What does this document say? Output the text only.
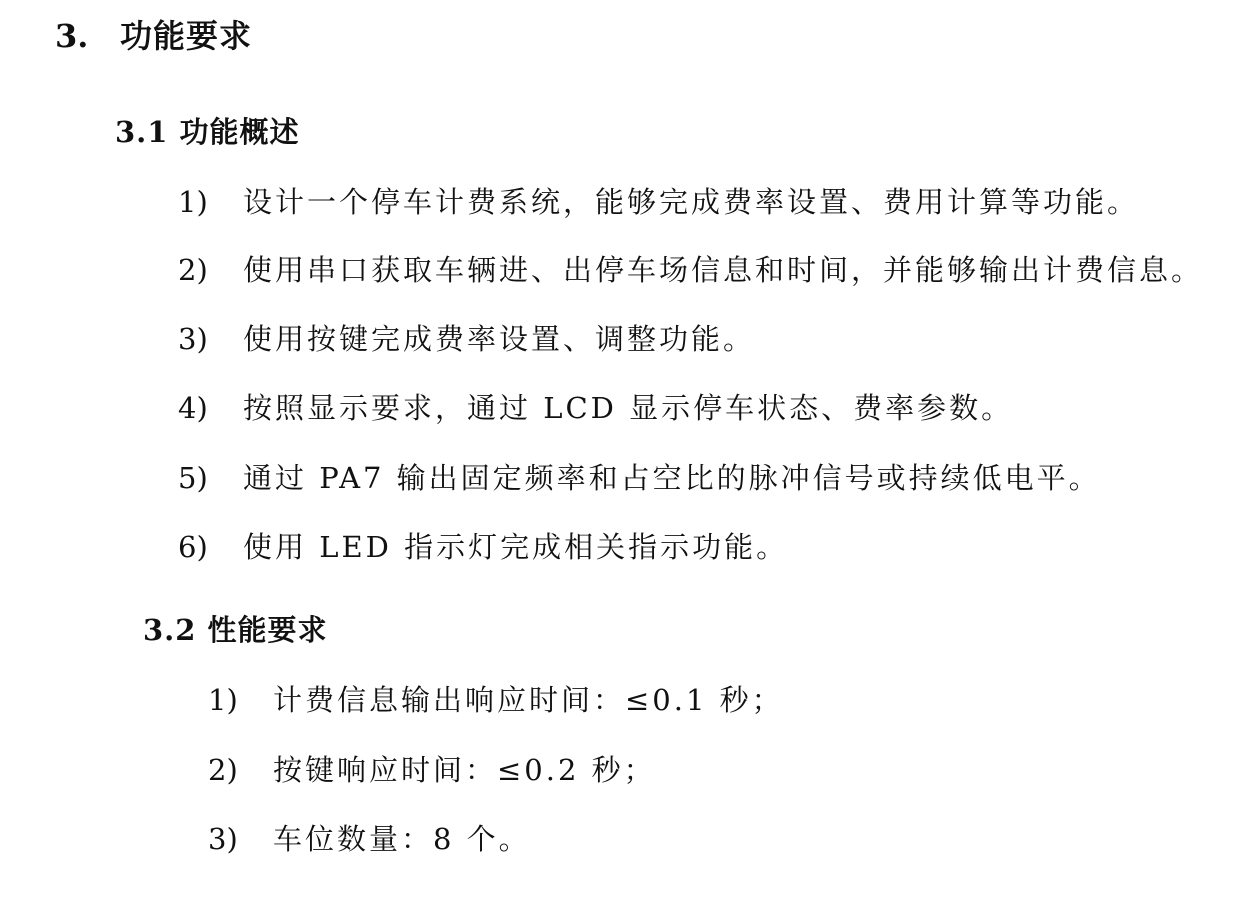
3. 功能要求
3.1 功能概述
1) 设计一个停车计费系统，能够完成费率设置、费用计算等功能。
2) 使用串口获取车辆进、出停车场信息和时间，并能够输出计费信息。
3) 使用按键完成费率设置、调整功能。
4) 按照显示要求，通过 LCD 显示停车状态、费率参数。
5) 通过 PA7 输出固定频率和占空比的脉冲信号或持续低电平。
6) 使用 LED 指示灯完成相关指示功能。
3.2 性能要求
1) 计费信息输出响应时间：≤0.1 秒；
2) 按键响应时间：≤0.2 秒；
3) 车位数量：8 个。
